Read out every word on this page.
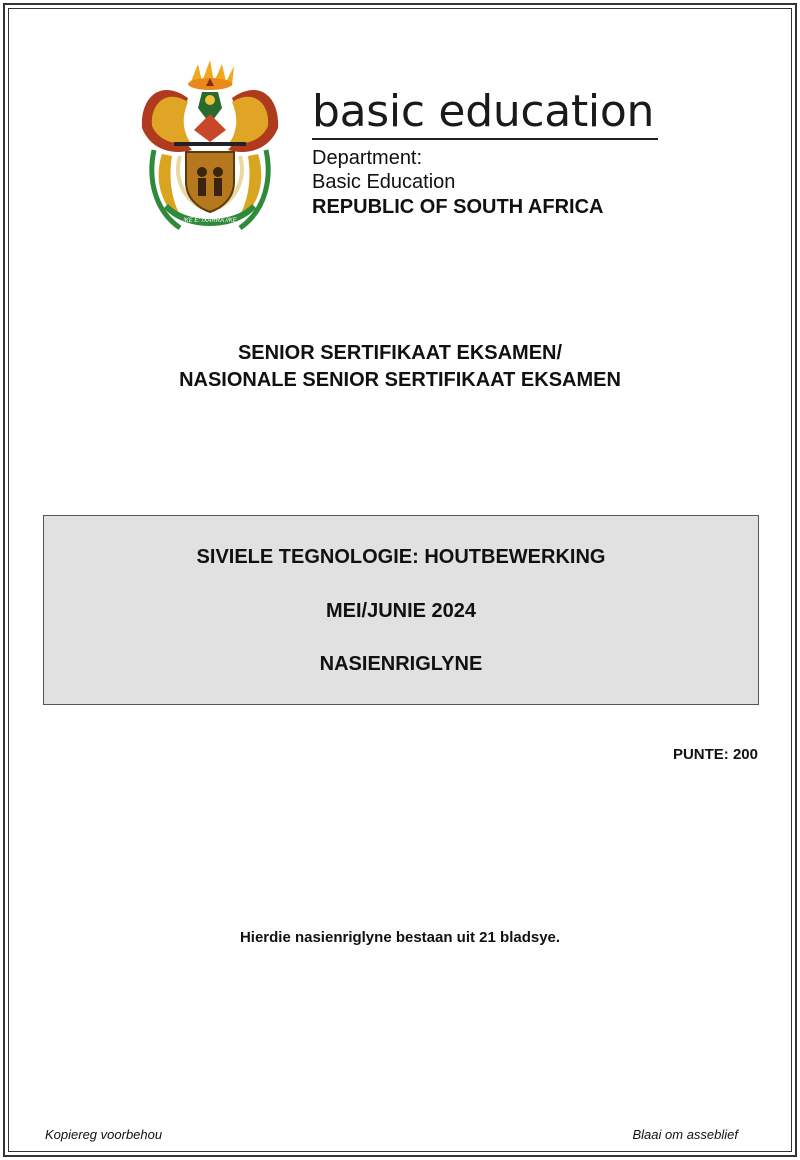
!KE E: /XARRA //KE
basic education
Department:
Basic Education
REPUBLIC OF SOUTH AFRICA
SENIOR SERTIFIKAAT EKSAMEN/
NASIONALE SENIOR SERTIFIKAAT EKSAMEN
SIVIELE TEGNOLOGIE: HOUTBEWERKING
MEI/JUNIE 2024
NASIENRIGLYNE
PUNTE: 200
Hierdie nasienriglyne bestaan uit 21 bladsye.
Kopiereg voorbehou	Blaai om asseblief
